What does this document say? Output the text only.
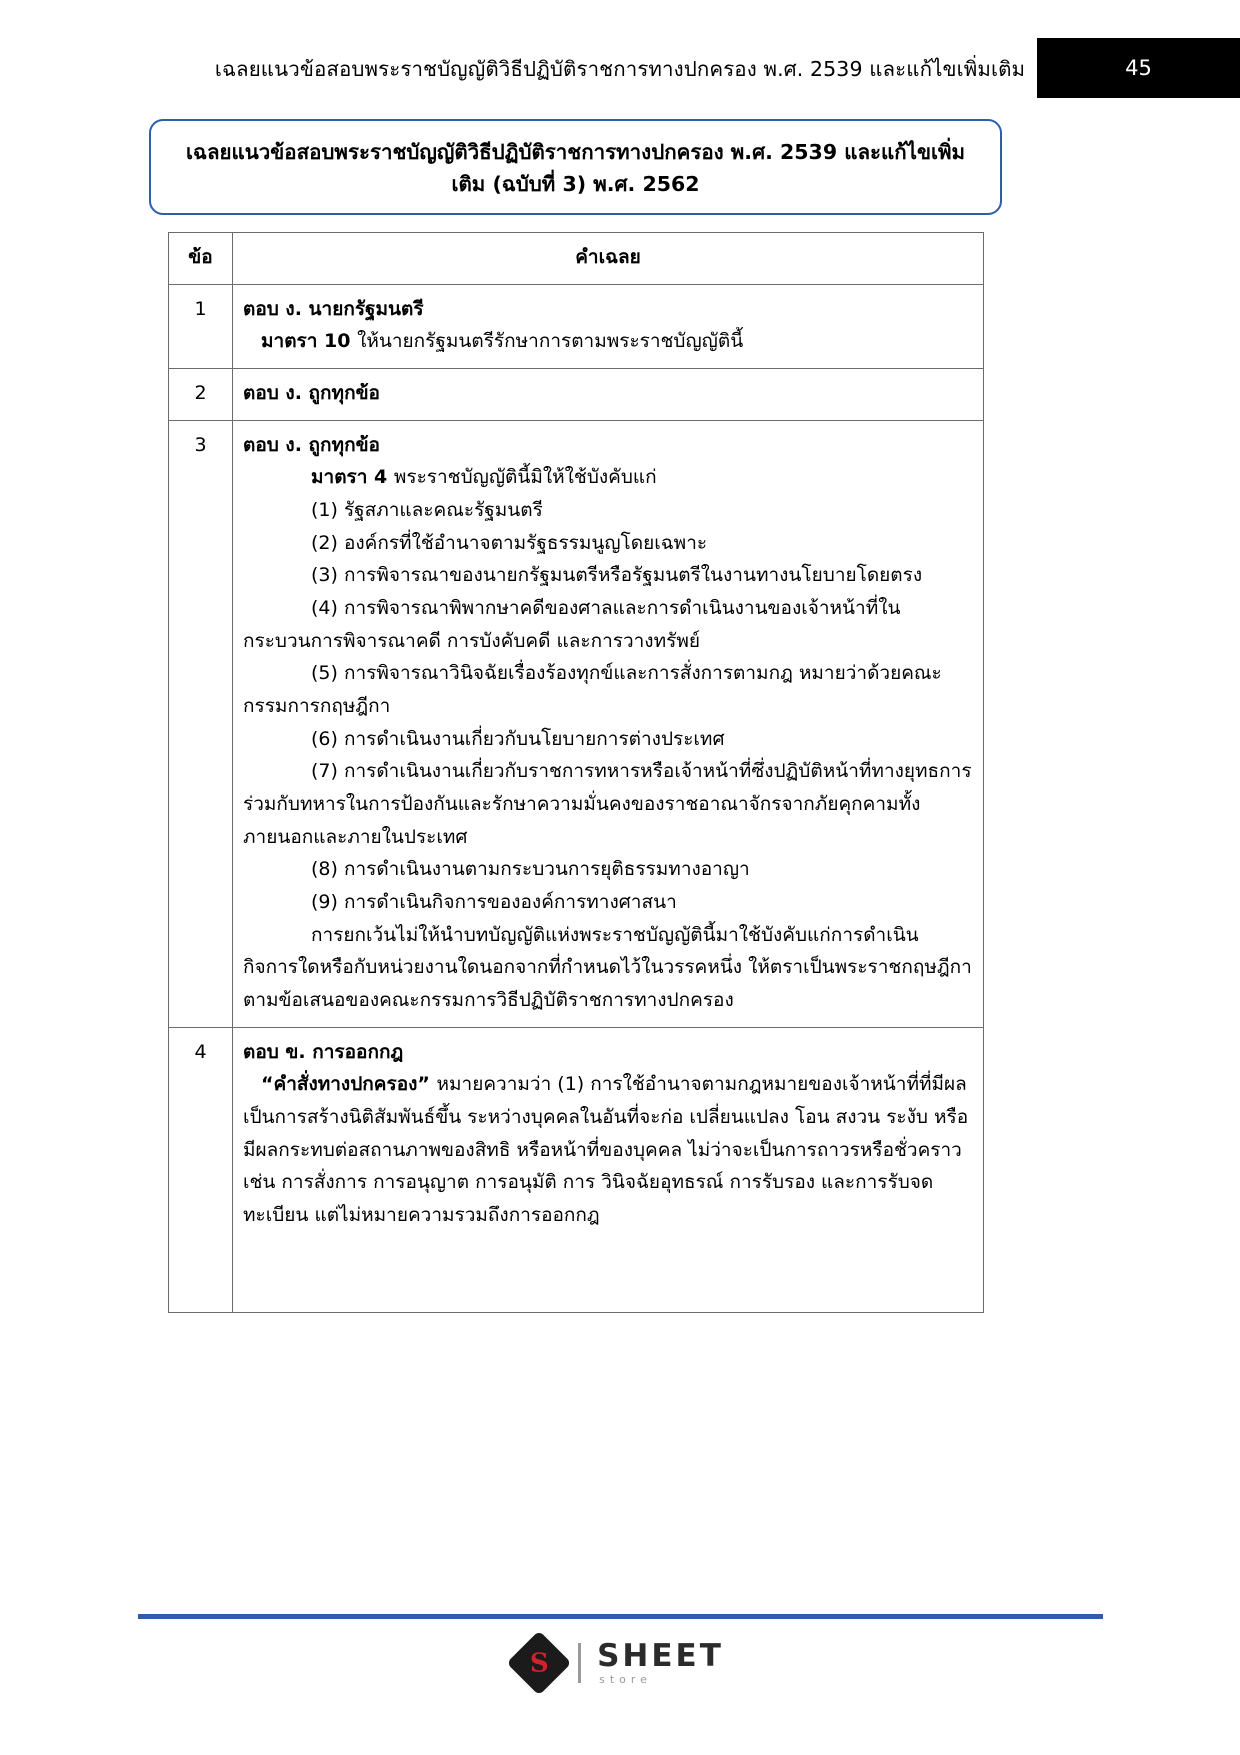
เฉลยแนวข้อสอบพระราชบัญญัติวิธีปฏิบัติราชการทางปกครอง พ.ศ. 2539 และแก้ไขเพิ่มเติม	45
เฉลยแนวข้อสอบพระราชบัญญัติวิธีปฏิบัติราชการทางปกครอง พ.ศ. 2539 และแก้ไขเพิ่มเติม (ฉบับที่ 3) พ.ศ. 2562
ข้อ	คำเฉลย
1	ตอบ ง. นายกรัฐมนตรี

มาตรา 10 ให้นายกรัฐมนตรีรักษาการตามพระราชบัญญัตินี้

2	ตอบ ง. ถูกทุกข้อ

3	ตอบ ง. ถูกทุกข้อ

มาตรา 4 พระราชบัญญัตินี้มิให้ใช้บังคับแก่

(1) รัฐสภาและคณะรัฐมนตรี

(2) องค์กรที่ใช้อำนาจตามรัฐธรรมนูญโดยเฉพาะ

(3) การพิจารณาของนายกรัฐมนตรีหรือรัฐมนตรีในงานทางนโยบายโดยตรง

(4) การพิจารณาพิพากษาคดีของศาลและการดำเนินงานของเจ้าหน้าที่ในกระบวนการพิจารณาคดี การบังคับคดี และการวางทรัพย์

(5) การพิจารณาวินิจฉัยเรื่องร้องทุกข์และการสั่งการตามกฎ หมายว่าด้วยคณะกรรมการกฤษฎีกา

(6) การดำเนินงานเกี่ยวกับนโยบายการต่างประเทศ

(7) การดำเนินงานเกี่ยวกับราชการทหารหรือเจ้าหน้าที่ซึ่งปฏิบัติหน้าที่ทางยุทธการร่วมกับทหารในการป้องกันและรักษาความมั่นคงของราชอาณาจักรจากภัยคุกคามทั้งภายนอกและภายในประเทศ

(8) การดำเนินงานตามกระบวนการยุติธรรมทางอาญา

(9) การดำเนินกิจการขององค์การทางศาสนา

การยกเว้นไม่ให้นำบทบัญญัติแห่งพระราชบัญญัตินี้มาใช้บังคับแก่การดำเนินกิจการใดหรือกับหน่วยงานใดนอกจากที่กำหนดไว้ในวรรคหนึ่ง ให้ตราเป็นพระราชกฤษฎีกาตามข้อเสนอของคณะกรรมการวิธีปฏิบัติราชการทางปกครอง

4	ตอบ ข. การออกกฎ

“คำสั่งทางปกครอง” หมายความว่า (1) การใช้อำนาจตามกฎหมายของเจ้าหน้าที่ที่มีผลเป็นการสร้างนิติสัมพันธ์ขึ้น ระหว่างบุคคลในอันที่จะก่อ เปลี่ยนแปลง โอน สงวน ระงับ หรือมีผลกระทบต่อสถานภาพของสิทธิ หรือหน้าที่ของบุคคล ไม่ว่าจะเป็นการถาวรหรือชั่วคราว เช่น การสั่งการ การอนุญาต การอนุมัติ การ วินิจฉัยอุทธรณ์ การรับรอง และการรับจดทะเบียน แต่ไม่หมายความรวมถึงการออกกฎ

S SHEET
store
